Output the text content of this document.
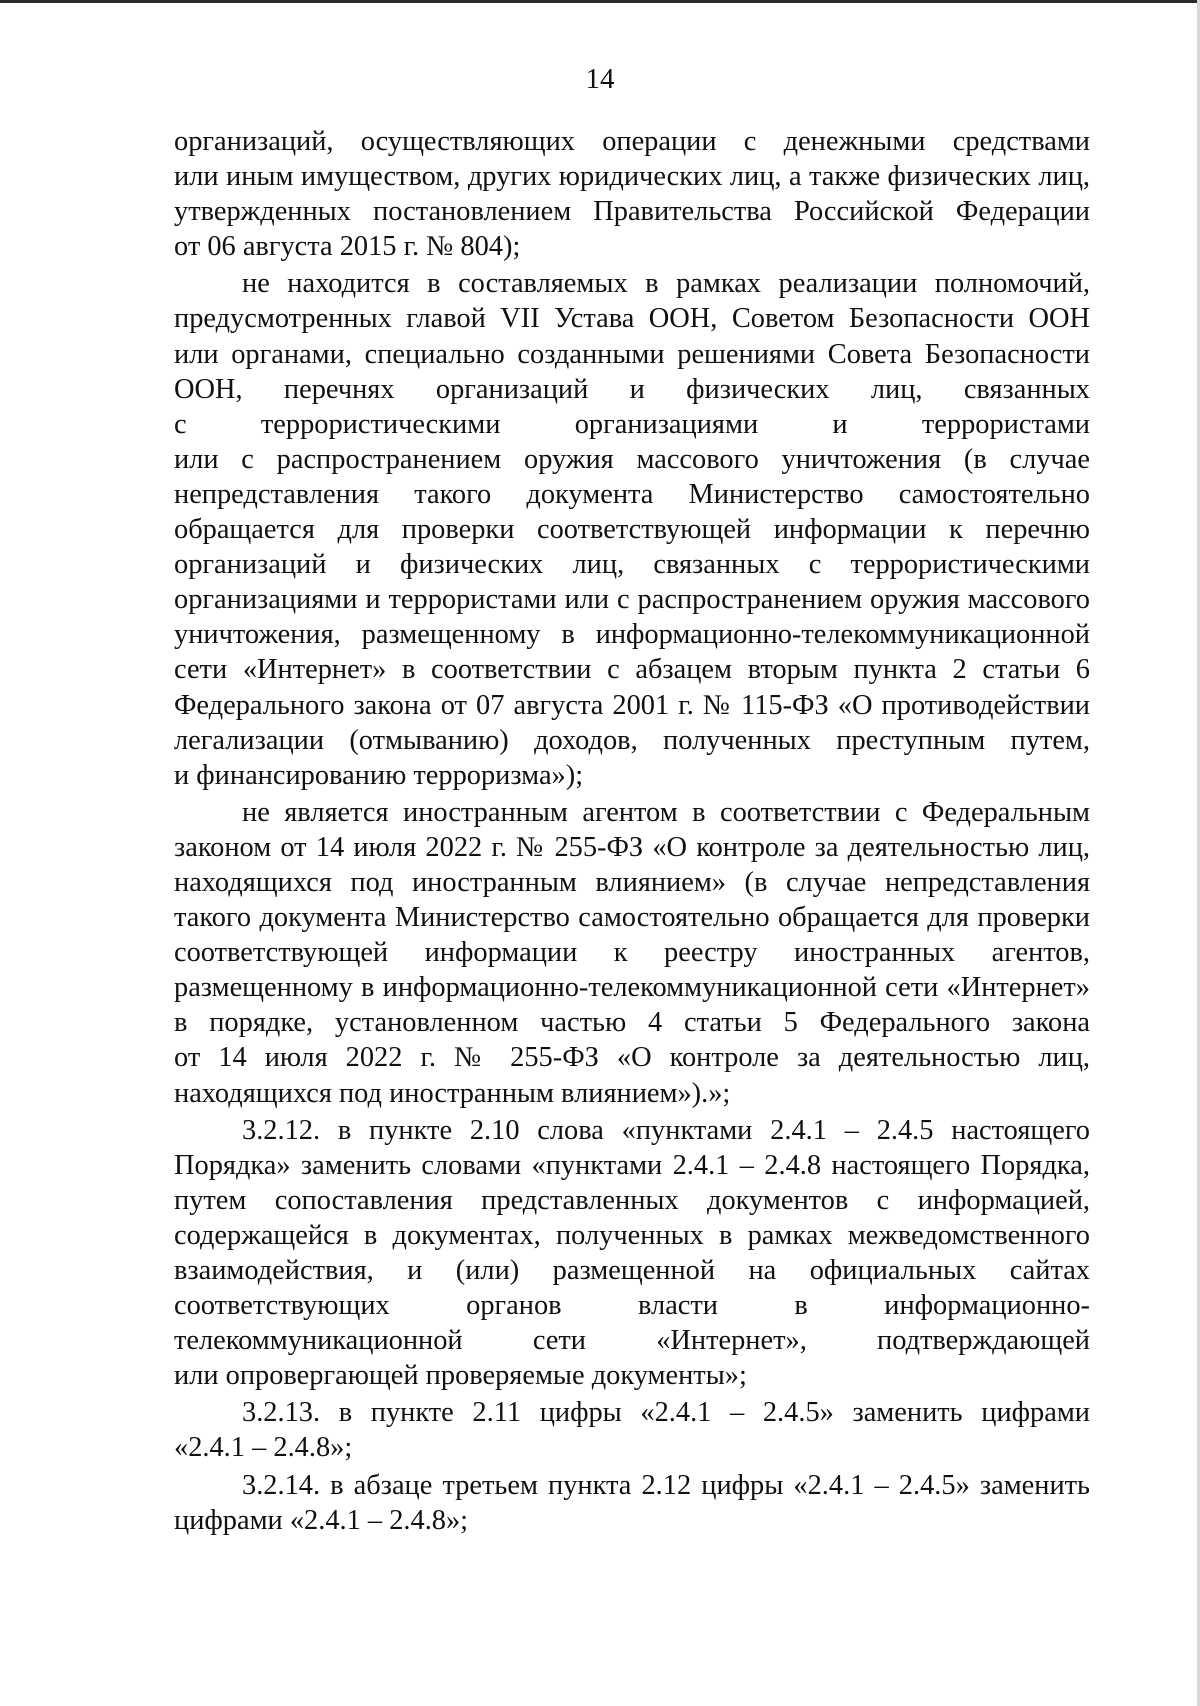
14
организаций, осуществляющих операции с денежными средствами
или иным имуществом, других юридических лиц, а также физических лиц,
утвержденных постановлением Правительства Российской Федерации
от 06 августа 2015 г. № 804);
не находится в составляемых в рамках реализации полномочий,
предусмотренных главой VII Устава ООН, Советом Безопасности ООН
или органами, специально созданными решениями Совета Безопасности
ООН, перечнях организаций и физических лиц, связанных
с террористическими организациями и террористами
или с распространением оружия массового уничтожения (в случае
непредставления такого документа Министерство самостоятельно
обращается для проверки соответствующей информации к перечню
организаций и физических лиц, связанных с террористическими
организациями и террористами или с распространением оружия массового
уничтожения, размещенному в информационно-телекоммуникационной
сети «Интернет» в соответствии с абзацем вторым пункта 2 статьи 6
Федерального закона от 07 августа 2001 г. № 115-ФЗ «О противодействии
легализации (отмыванию) доходов, полученных преступным путем,
и финансированию терроризма»);
не является иностранным агентом в соответствии с Федеральным
законом от 14 июля 2022 г. № 255-ФЗ «О контроле за деятельностью лиц,
находящихся под иностранным влиянием» (в случае непредставления
такого документа Министерство самостоятельно обращается для проверки
соответствующей информации к реестру иностранных агентов,
размещенному в информационно-телекоммуникационной сети «Интернет»
в порядке, установленном частью 4 статьи 5 Федерального закона
от 14 июля 2022 г. № 255-ФЗ «О контроле за деятельностью лиц,
находящихся под иностранным влиянием»).»;
3.2.12. в пункте 2.10 слова «пунктами 2.4.1 – 2.4.5 настоящего
Порядка» заменить словами «пунктами 2.4.1 – 2.4.8 настоящего Порядка,
путем сопоставления представленных документов с информацией,
содержащейся в документах, полученных в рамках межведомственного
взаимодействия, и (или) размещенной на официальных сайтах
соответствующих органов власти в информационно-
телекоммуникационной сети «Интернет», подтверждающей
или опровергающей проверяемые документы»;
3.2.13. в пункте 2.11 цифры «2.4.1 – 2.4.5» заменить цифрами
«2.4.1 – 2.4.8»;
3.2.14. в абзаце третьем пункта 2.12 цифры «2.4.1 – 2.4.5» заменить
цифрами «2.4.1 – 2.4.8»;
